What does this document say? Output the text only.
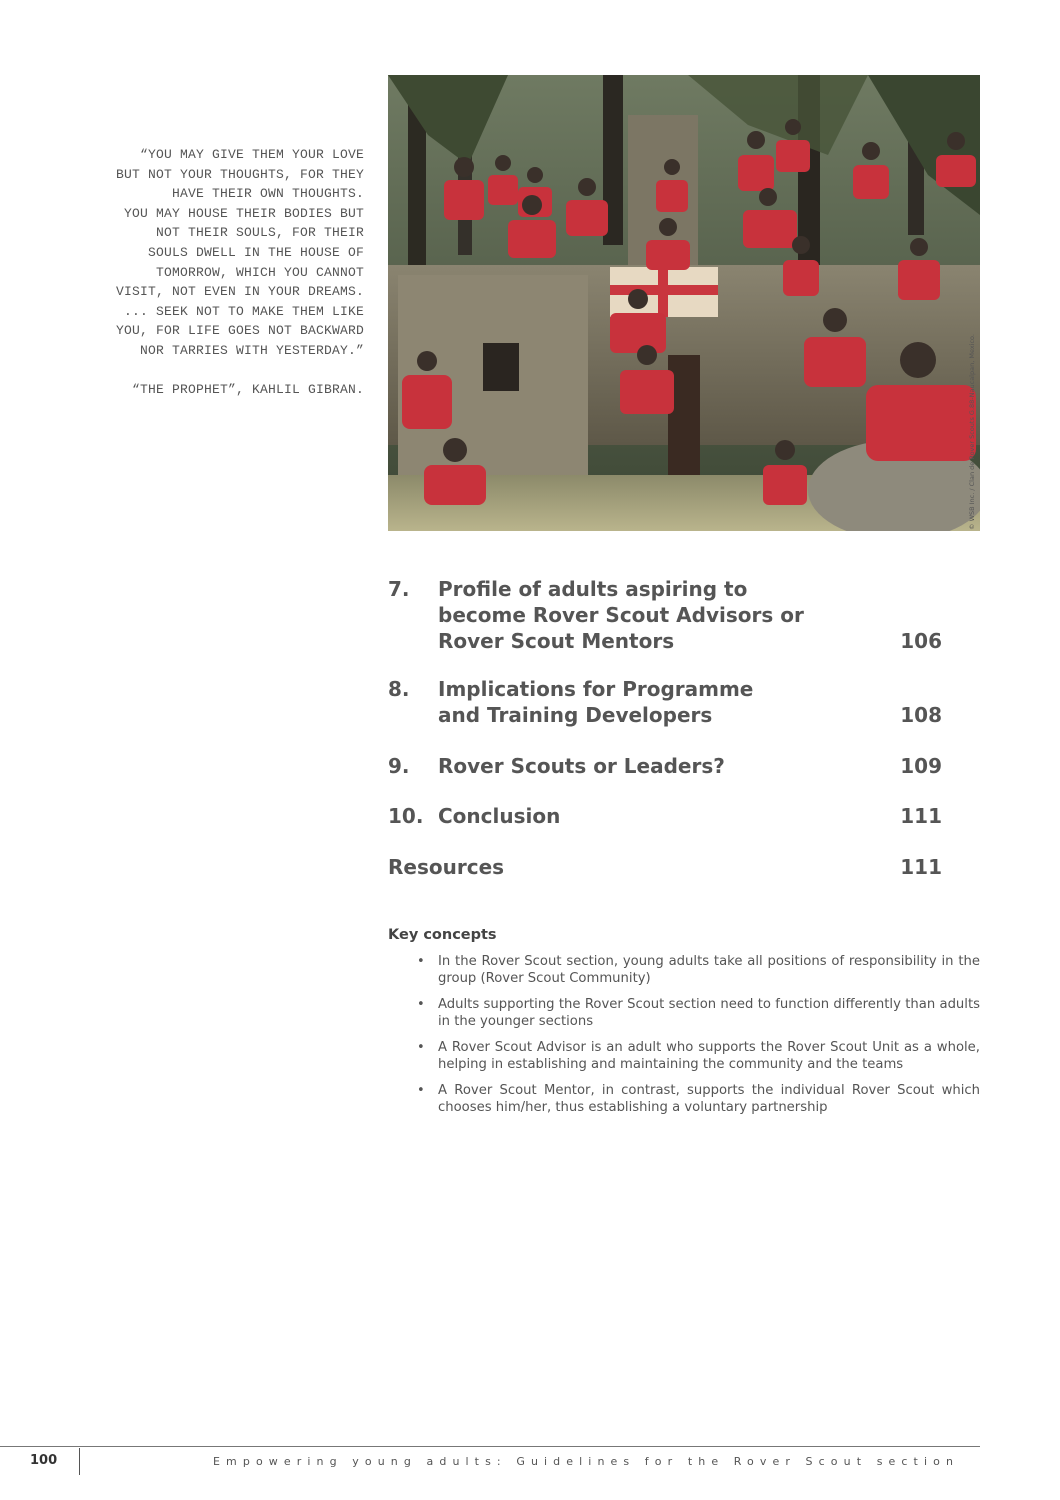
“YOU MAY GIVE THEM YOUR LOVE

BUT NOT YOUR THOUGHTS, FOR THEY

HAVE THEIR OWN THOUGHTS.

YOU MAY HOUSE THEIR BODIES BUT

NOT THEIR SOULS, FOR THEIR

SOULS DWELL IN THE HOUSE OF

TOMORROW, WHICH YOU CANNOT

VISIT, NOT EVEN IN YOUR DREAMS.

... SEEK NOT TO MAKE THEM LIKE

YOU, FOR LIFE GOES NOT BACKWARD

NOR TARRIES WITH YESTERDAY.”

“THE PROPHET”, KAHLIL GIBRAN.

7. Profile of adults aspiring to
become Rover Scout Advisors or
Rover Scout Mentors	106
8. Implications for Programme
and Training Developers	108
9. Rover Scouts or Leaders?	109
10. Conclusion	111
Resources	111
Key concepts
• In the Rover Scout section, young adults take all positions of responsibility in the group (Rover Scout Community)
• Adults supporting the Rover Scout section need to function differently than adults in the younger sections
• A Rover Scout Advisor is an adult who supports the Rover Scout Unit as a whole, helping in establishing and maintaining the community and the teams
• A Rover Scout Mentor, in contrast, supports the individual Rover Scout which chooses him/her, thus establishing a voluntary partnership
100	Empowering young adults: Guidelines for the Rover Scout section
